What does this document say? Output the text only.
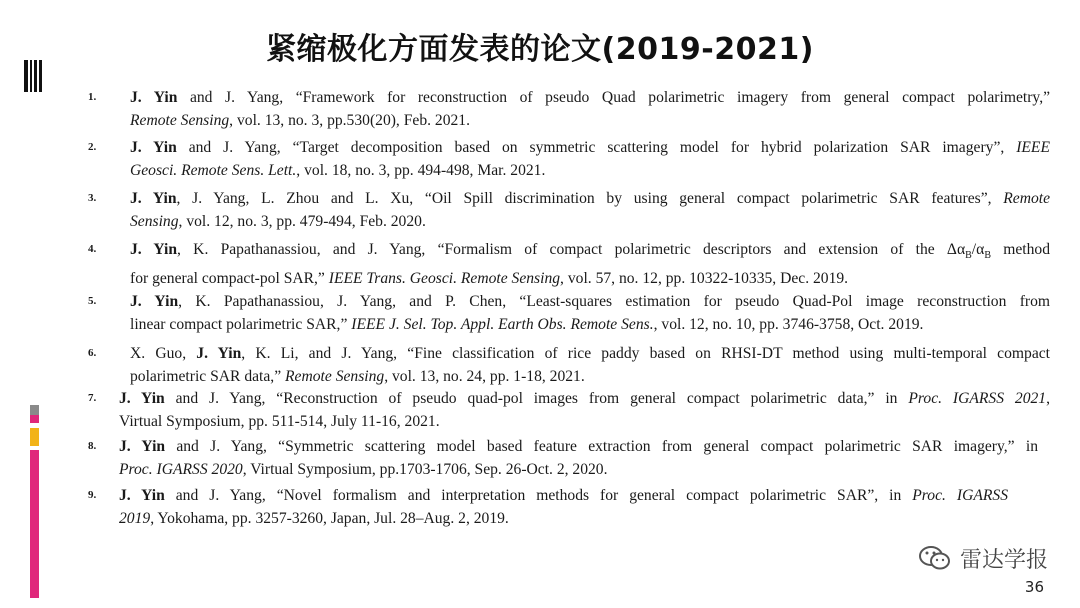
紧缩极化方面发表的论文(2019-2021)
1. J. Yin and J. Yang, “Framework for reconstruction of pseudo Quad polarimetric imagery from general compact polarimetry,”
Remote Sensing, vol. 13, no. 3, pp.530(20), Feb. 2021.
2. J. Yin and J. Yang, “Target decomposition based on symmetric scattering model for hybrid polarization SAR imagery”, IEEE
Geosci. Remote Sens. Lett., vol. 18, no. 3, pp. 494-498, Mar. 2021.
3. J. Yin, J. Yang, L. Zhou and L. Xu, “Oil Spill discrimination by using general compact polarimetric SAR features”, Remote
Sensing, vol. 12, no. 3, pp. 479-494, Feb. 2020.
4. J. Yin, K. Papathanassiou, and J. Yang, “Formalism of compact polarimetric descriptors and extension of the $\Delta\alpha_B/\alpha_B$ method
for general compact-pol SAR,” IEEE Trans. Geosci. Remote Sensing, vol. 57, no. 12, pp. 10322-10335, Dec. 2019.
5. J. Yin, K. Papathanassiou, J. Yang, and P. Chen, “Least-squares estimation for pseudo Quad-Pol image reconstruction from
linear compact polarimetric SAR,” IEEE J. Sel. Top. Appl. Earth Obs. Remote Sens., vol. 12, no. 10, pp. 3746-3758, Oct. 2019.
6. X. Guo, J. Yin, K. Li, and J. Yang, “Fine classification of rice paddy based on RHSI-DT method using multi-temporal compact
polarimetric SAR data,” Remote Sensing, vol. 13, no. 24, pp. 1-18, 2021.
7. J. Yin and J. Yang, “Reconstruction of pseudo quad-pol images from general compact polarimetric data,” in Proc. IGARSS 2021,
Virtual Symposium, pp. 511-514, July 11-16, 2021.
8. J. Yin and J. Yang, “Symmetric scattering model based feature extraction from general compact polarimetric SAR imagery,” in
Proc. IGARSS 2020, Virtual Symposium, pp.1703-1706, Sep. 26-Oct. 2, 2020.
9. J. Yin and J. Yang, “Novel formalism and interpretation methods for general compact polarimetric SAR”, in Proc. IGARSS
2019, Yokohama, pp. 3257-3260, Japan, Jul. 28–Aug. 2, 2019.
雷达学报
36
